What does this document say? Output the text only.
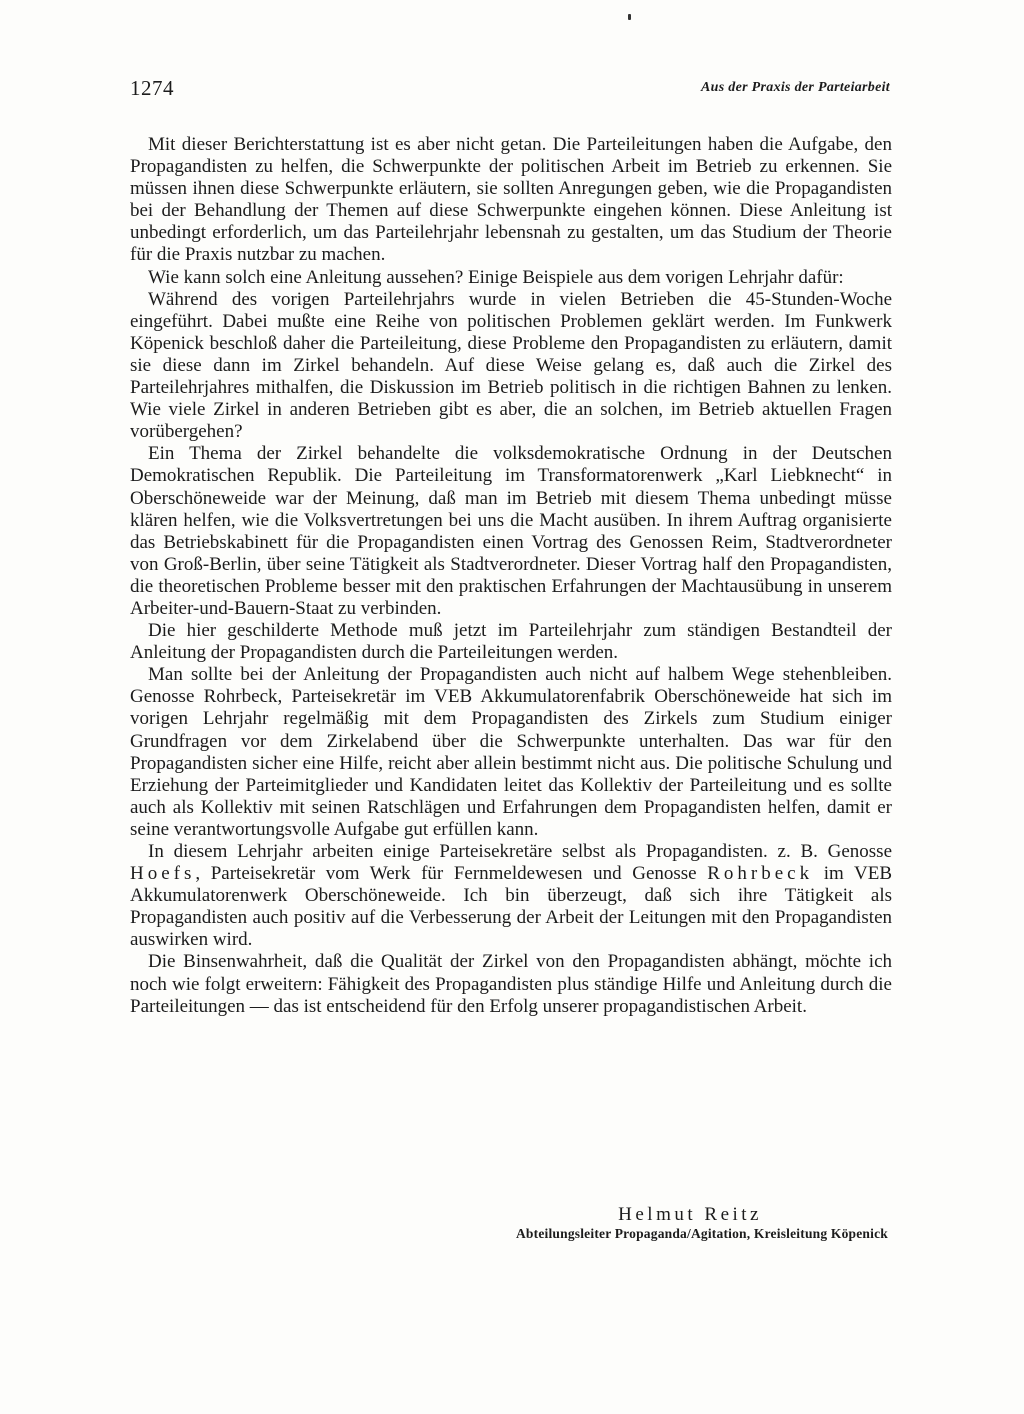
1274	Aus der Praxis der Parteiarbeit

Mit dieser Berichterstattung ist es aber nicht getan. Die Parteileitungen haben die Aufgabe, den Propagandisten zu helfen, die Schwerpunkte der politischen Arbeit im Betrieb zu erkennen. Sie müssen ihnen diese Schwerpunkte erläutern, sie sollten Anregungen geben, wie die Propagandisten bei der Behandlung der Themen auf diese Schwerpunkte eingehen können. Diese Anleitung ist unbedingt erforderlich, um das Parteilehrjahr lebensnah zu gestalten, um das Studium der Theorie für die Praxis nutzbar zu machen.

Wie kann solch eine Anleitung aussehen? Einige Beispiele aus dem vorigen Lehrjahr dafür:

Während des vorigen Parteilehrjahrs wurde in vielen Betrieben die 45-Stunden-Woche eingeführt. Dabei mußte eine Reihe von politischen Problemen geklärt werden. Im Funkwerk Köpenick beschloß daher die Parteileitung, diese Probleme den Propagandisten zu erläutern, damit sie diese dann im Zirkel behandeln. Auf diese Weise gelang es, daß auch die Zirkel des Parteilehrjahres mithalfen, die Diskussion im Betrieb politisch in die richtigen Bahnen zu lenken. Wie viele Zirkel in anderen Betrieben gibt es aber, die an solchen, im Betrieb aktuellen Fragen vorübergehen?

Ein Thema der Zirkel behandelte die volksdemokratische Ordnung in der Deutschen Demokratischen Republik. Die Parteileitung im Transformatorenwerk „Karl Liebknecht“ in Oberschöneweide war der Meinung, daß man im Betrieb mit diesem Thema unbedingt müsse klären helfen, wie die Volksvertretungen bei uns die Macht ausüben. In ihrem Auftrag organisierte das Betriebskabinett für die Propagandisten einen Vortrag des Genossen Reim, Stadtverordneter von Groß-Berlin, über seine Tätigkeit als Stadtverordneter. Dieser Vortrag half den Propagandisten, die theoretischen Probleme besser mit den praktischen Erfahrungen der Machtausübung in unserem Arbeiter-und-Bauern-Staat zu verbinden.

Die hier geschilderte Methode muß jetzt im Parteilehrjahr zum ständigen Bestandteil der Anleitung der Propagandisten durch die Parteileitungen werden.

Man sollte bei der Anleitung der Propagandisten auch nicht auf halbem Wege stehenbleiben. Genosse Rohrbeck, Parteisekretär im VEB Akkumulatorenfabrik Oberschöneweide hat sich im vorigen Lehrjahr regelmäßig mit dem Propagandisten des Zirkels zum Studium einiger Grundfragen vor dem Zirkelabend über die Schwerpunkte unterhalten. Das war für den Propagandisten sicher eine Hilfe, reicht aber allein bestimmt nicht aus. Die politische Schulung und Erziehung der Parteimitglieder und Kandidaten leitet das Kollektiv der Parteileitung und es sollte auch als Kollektiv mit seinen Ratschlägen und Erfahrungen dem Propagandisten helfen, damit er seine verantwortungsvolle Aufgabe gut erfüllen kann.

In diesem Lehrjahr arbeiten einige Parteisekretäre selbst als Propagandisten. z. B. Genosse Hoefs, Parteisekretär vom Werk für Fernmeldewesen und Genosse Rohrbeck im VEB Akkumulatorenwerk Oberschöneweide. Ich bin überzeugt, daß sich ihre Tätigkeit als Propagandisten auch positiv auf die Verbesserung der Arbeit der Leitungen mit den Propagandisten auswirken wird.

Die Binsenwahrheit, daß die Qualität der Zirkel von den Propagandisten abhängt, möchte ich noch wie folgt erweitern: Fähigkeit des Propagandisten plus ständige Hilfe und Anleitung durch die Parteileitungen — das ist entscheidend für den Erfolg unserer propagandistischen Arbeit.

Helmut Reitz
Abteilungsleiter Propaganda/Agitation, Kreisleitung Köpenick
